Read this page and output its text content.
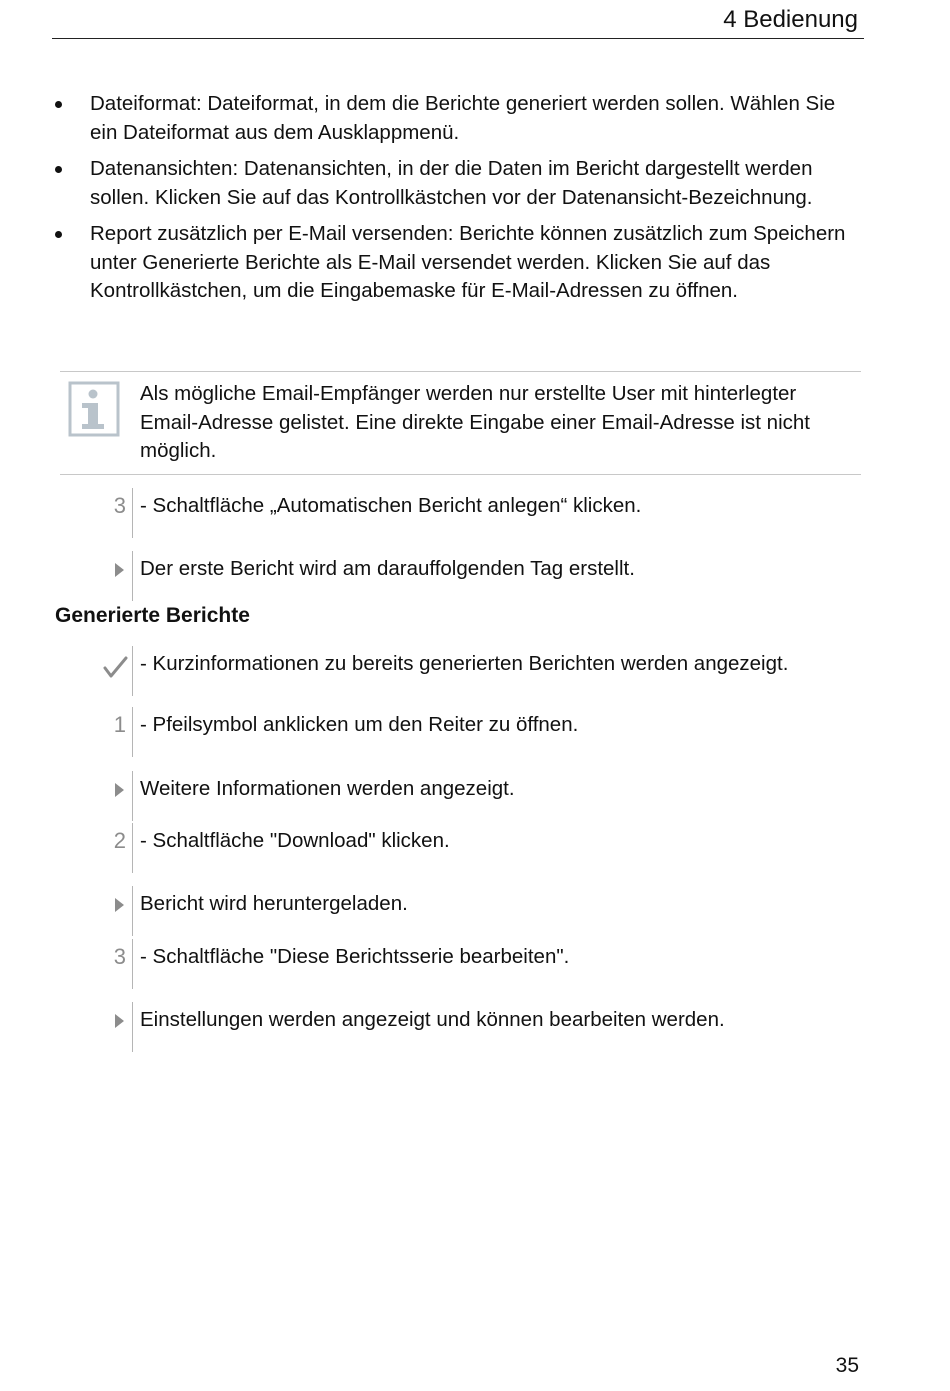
4 Bedienung
Dateiformat: Dateiformat, in dem die Berichte generiert werden sollen. Wählen Sie ein Dateiformat aus dem Ausklappmenü.
Datenansichten: Datenansichten, in der die Daten im Bericht dargestellt werden sollen. Klicken Sie auf das Kontrollkästchen vor der Datenansicht-Bezeichnung.
Report zusätzlich per E-Mail versenden: Berichte können zusätzlich zum Speichern unter Generierte Berichte als E-Mail versendet werden. Klicken Sie auf das Kontrollkästchen, um die Eingabemaske für E-Mail-Adressen zu öffnen.
Als mögliche Email-Empfänger werden nur erstellte User mit hinterlegter Email-Adresse gelistet. Eine direkte Eingabe einer Email-Adresse ist nicht möglich.
3 - Schaltfläche „Automatischen Bericht anlegen“ klicken.
Der erste Bericht wird am darauffolgenden Tag erstellt.
Generierte Berichte
- Kurzinformationen zu bereits generierten Berichten werden angezeigt.
1 - Pfeilsymbol anklicken um den Reiter zu öffnen.
Weitere Informationen werden angezeigt.
2 - Schaltfläche "Download" klicken.
Bericht wird heruntergeladen.
3 - Schaltfläche "Diese Berichtsserie bearbeiten".
Einstellungen werden angezeigt und können bearbeiten werden.
35
